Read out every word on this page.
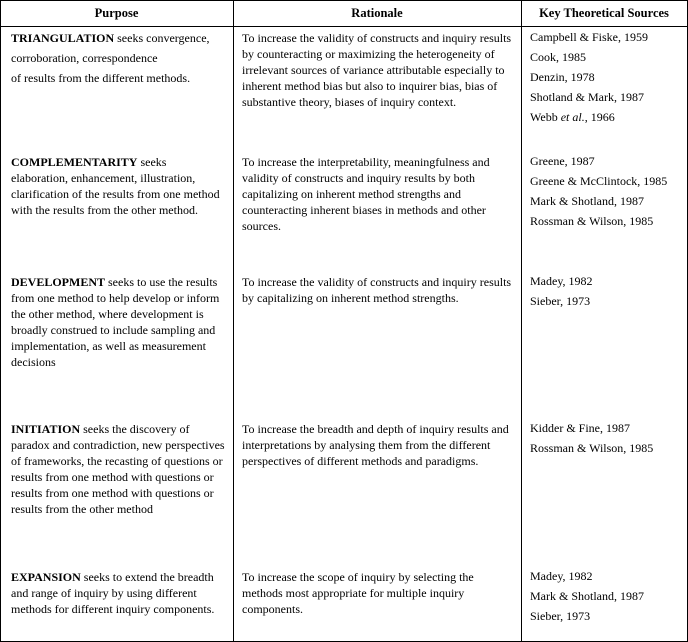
Purpose	Rationale	Key Theoretical Sources
TRIANGULATION seeks convergence,
corroboration, correspondence
of results from the different methods.
To increase the validity of constructs and inquiry results by counteracting or maximizing the heterogeneity of irrelevant sources of variance attributable especially to inherent method bias but also to inquirer bias, bias of substantive theory, biases of inquiry context.
Campbell & Fiske, 1959
Cook, 1985
Denzin, 1978
Shotland & Mark, 1987
Webb et al., 1966
COMPLEMENTARITY seeks elaboration, enhancement, illustration, clarification of the results from one method with the results from the other method.
To increase the interpretability, meaningfulness and validity of constructs and inquiry results by both capitalizing on inherent method strengths and counteracting inherent biases in methods and other sources.
Greene, 1987
Greene & McClintock, 1985
Mark & Shotland, 1987
Rossman & Wilson, 1985
DEVELOPMENT seeks to use the results from one method to help develop or inform the other method, where development is broadly construed to include sampling and implementation, as well as measurement decisions
To increase the validity of constructs and inquiry results by capitalizing on inherent method strengths.
Madey, 1982
Sieber, 1973
INITIATION seeks the discovery of paradox and contradiction, new perspectives of frameworks, the recasting of questions or results from one method with questions or results from one method with questions or results from the other method
To increase the breadth and depth of inquiry results and interpretations by analysing them from the different perspectives of different methods and paradigms.
Kidder & Fine, 1987
Rossman & Wilson, 1985
EXPANSION seeks to extend the breadth and range of inquiry by using different methods for different inquiry components.
To increase the scope of inquiry by selecting the methods most appropriate for multiple inquiry components.
Madey, 1982
Mark & Shotland, 1987
Sieber, 1973
